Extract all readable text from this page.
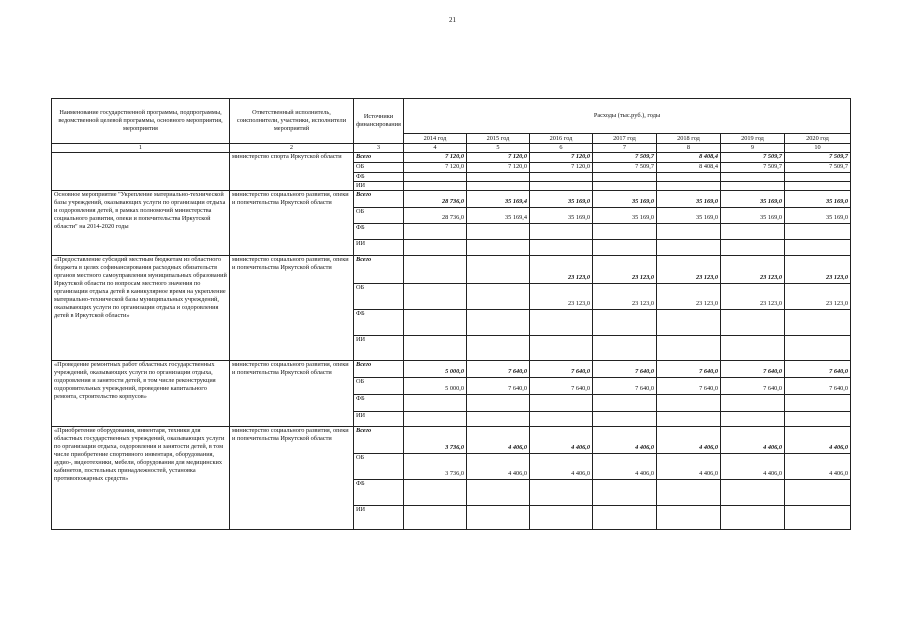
21
Наименование государственной программы, подпрограммы, ведомственной целевой программы, основного мероприятия, мероприятия	Ответственный исполнитель, соисполнители, участники, исполнители мероприятий	Источники финансирования	Расходы (тыс.руб.), годы						
			2014 год	2015 год	2016 год	2017 год	2018 год	2019 год	2020 год
1	2	3	4	5	6	7	8	9	10
	министерство спорта Иркутской области	Всего	7 120,0	7 120,0	7 120,0	7 509,7	8 408,4	7 509,7	7 509,7
		ОБ	7 120,0	7 120,0	7 120,0	7 509,7	8 408,4	7 509,7	7 509,7
		ФБ							
		ИИ							
Основное мероприятие "Укрепление материально-технической базы учреждений, оказывающих услуги по организации отдыха и оздоровления детей, в рамках полномочий министерства социального развития, опеки и попечительства Иркутской области" на 2014-2020 годы	министерство социального развития, опеки и попечительства Иркутской области	Всего	28 736,0	35 169,4	35 169,0	35 169,0	35 169,0	35 169,0	35 169,0
		ОБ	28 736,0	35 169,4	35 169,0	35 169,0	35 169,0	35 169,0	35 169,0
		ФБ							
		ИИ							
«Предоставление субсидий местным бюджетам из областного бюджета в целях софинансирования расходных обязательств органов местного самоуправления муниципальных образований Иркутской области по вопросам местного значения по организации отдыха детей в каникулярное время на укрепление материально-технической базы муниципальных учреждений, оказывающих услуги по организации отдыха и оздоровления детей в Иркутской области»	министерство социального развития, опеки и попечительства Иркутской области	Всего			23 123,0	23 123,0	23 123,0	23 123,0	23 123,0
		ОБ			23 123,0	23 123,0	23 123,0	23 123,0	23 123,0
		ФБ							
		ИИ							
«Проведение ремонтных работ областных государственных учреждений, оказывающих услуги по организации отдыха, оздоровления и занятости детей, в том числе реконструкция оздоровительных учреждений, проведение капитального ремонта, строительство корпусов»	министерство социального развития, опеки и попечительства Иркутской области	Всего	5 000,0	7 640,0	7 640,0	7 640,0	7 640,0	7 640,0	7 640,0
		ОБ	5 000,0	7 640,0	7 640,0	7 640,0	7 640,0	7 640,0	7 640,0
		ФБ							
		ИИ							
«Приобретение оборудования, инвентаря, техники для областных государственных учреждений, оказывающих услуги по организации отдыха, оздоровления и занятости детей, в том числе приобретение спортивного инвентаря, оборудования, аудио-, видеотехники, мебели, оборудования для медицинских кабинетов, постельных принадлежностей, установка противопожарных средств»	министерство социального развития, опеки и попечительства Иркутской области	Всего	3 736,0	4 406,0	4 406,0	4 406,0	4 406,0	4 406,0	4 406,0
		ОБ	3 736,0	4 406,0	4 406,0	4 406,0	4 406,0	4 406,0	4 406,0
		ФБ							
		ИИ							
